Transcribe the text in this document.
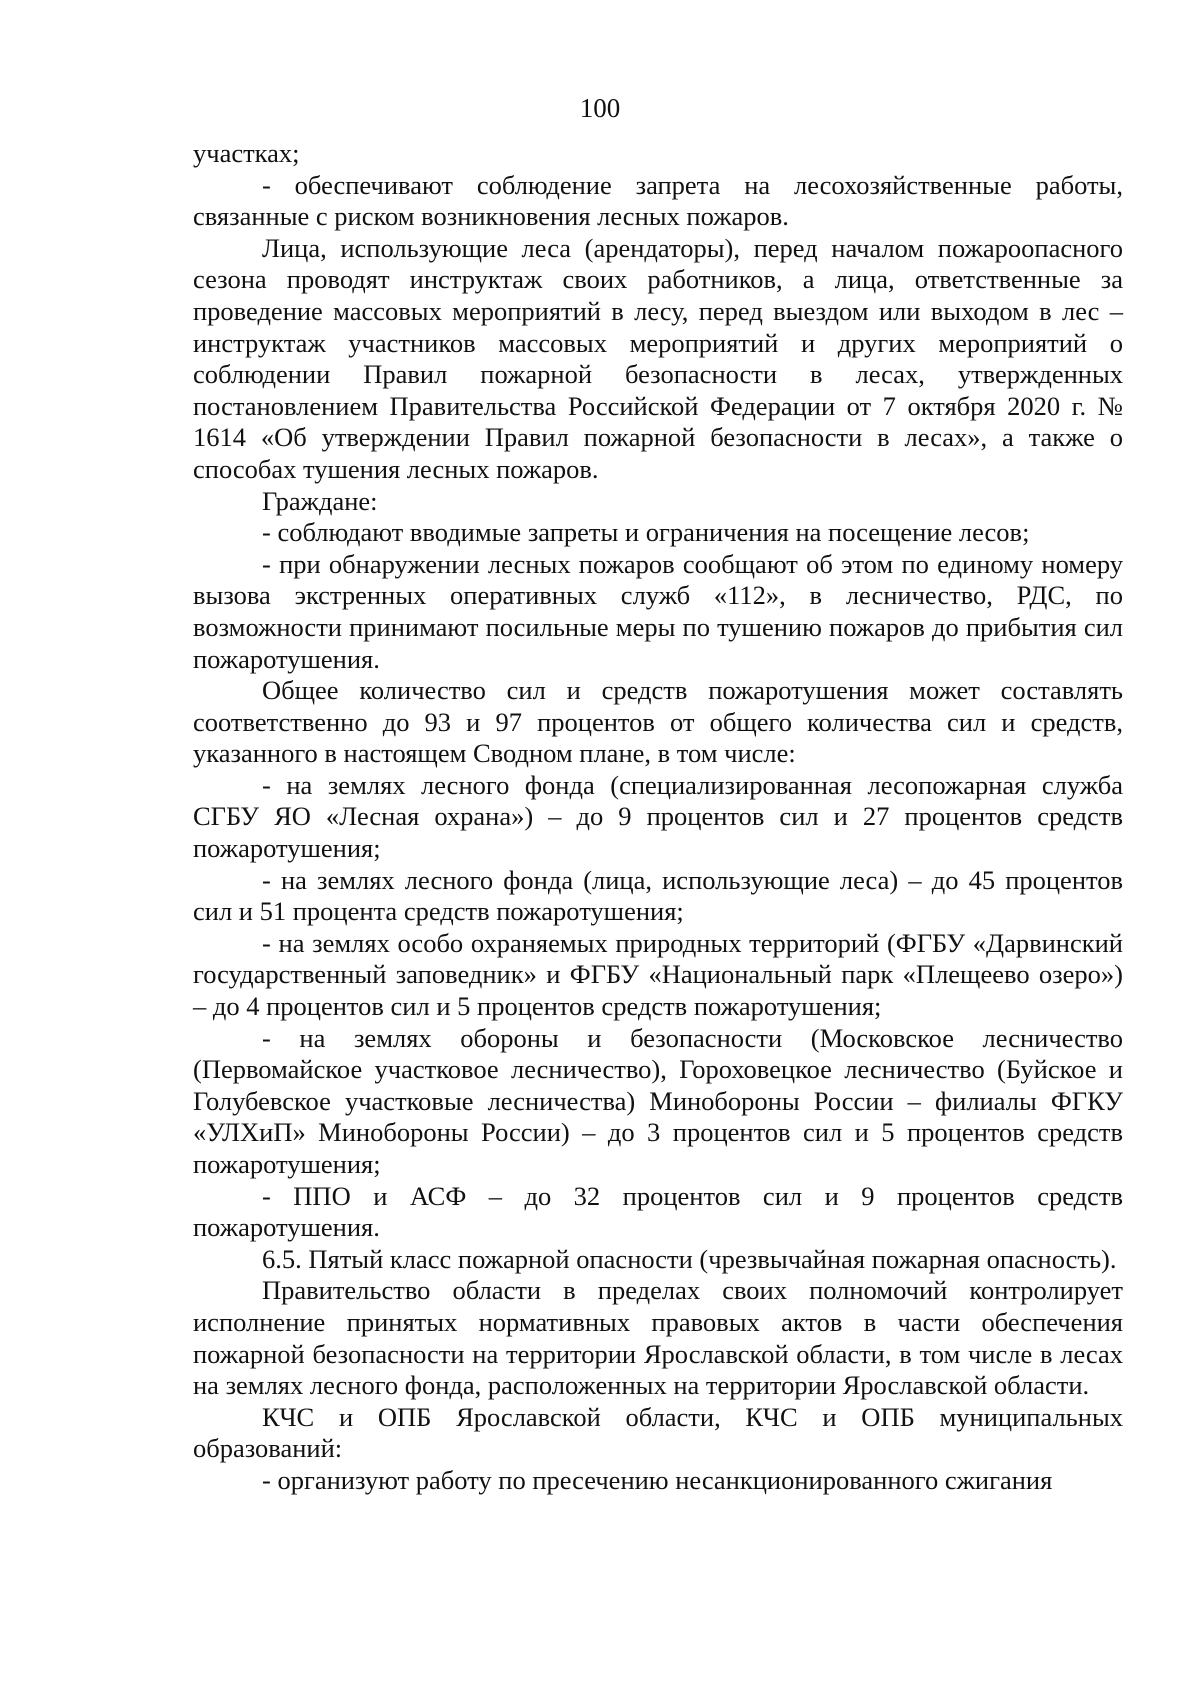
100

участках;

- обеспечивают соблюдение запрета на лесохозяйственные работы, связанные с риском возникновения лесных пожаров.

Лица, использующие леса (арендаторы), перед началом пожароопасного сезона проводят инструктаж своих работников, а лица, ответственные за проведение массовых мероприятий в лесу, перед выездом или выходом в лес – инструктаж участников массовых мероприятий и других мероприятий о соблюдении Правил пожарной безопасности в лесах, утвержденных постановлением Правительства Российской Федерации от 7 октября 2020 г. № 1614 «Об утверждении Правил пожарной безопасности в лесах», а также о способах тушения лесных пожаров.

Граждане:

- соблюдают вводимые запреты и ограничения на посещение лесов;

- при обнаружении лесных пожаров сообщают об этом по единому номеру вызова экстренных оперативных служб «112», в лесничество, РДС, по возможности принимают посильные меры по тушению пожаров до прибытия сил пожаротушения.

Общее количество сил и средств пожаротушения может составлять соответственно до 93 и 97 процентов от общего количества сил и средств, указанного в настоящем Сводном плане, в том числе:

- на землях лесного фонда (специализированная лесопожарная служба СГБУ ЯО «Лесная охрана») – до 9 процентов сил и 27 процентов средств пожаротушения;

- на землях лесного фонда (лица, использующие леса) – до 45 процентов сил и 51 процента средств пожаротушения;

- на землях особо охраняемых природных территорий (ФГБУ «Дарвинский государственный заповедник» и ФГБУ «Национальный парк «Плещеево озеро») – до 4 процентов сил и 5 процентов средств пожаротушения;

- на землях обороны и безопасности (Московское лесничество (Первомайское участковое лесничество), Гороховецкое лесничество (Буйское и Голубевское участковые лесничества) Минобороны России – филиалы ФГКУ «УЛХиП» Минобороны России) – до 3 процентов сил и 5 процентов средств пожаротушения;

- ППО и АСФ – до 32 процентов сил и 9 процентов средств пожаротушения.

6.5. Пятый класс пожарной опасности (чрезвычайная пожарная опасность).

Правительство области в пределах своих полномочий контролирует исполнение принятых нормативных правовых актов в части обеспечения пожарной безопасности на территории Ярославской области, в том числе в лесах на землях лесного фонда, расположенных на территории Ярославской области.

КЧС и ОПБ Ярославской области, КЧС и ОПБ муниципальных образований:

- организуют работу по пресечению несанкционированного сжигания
